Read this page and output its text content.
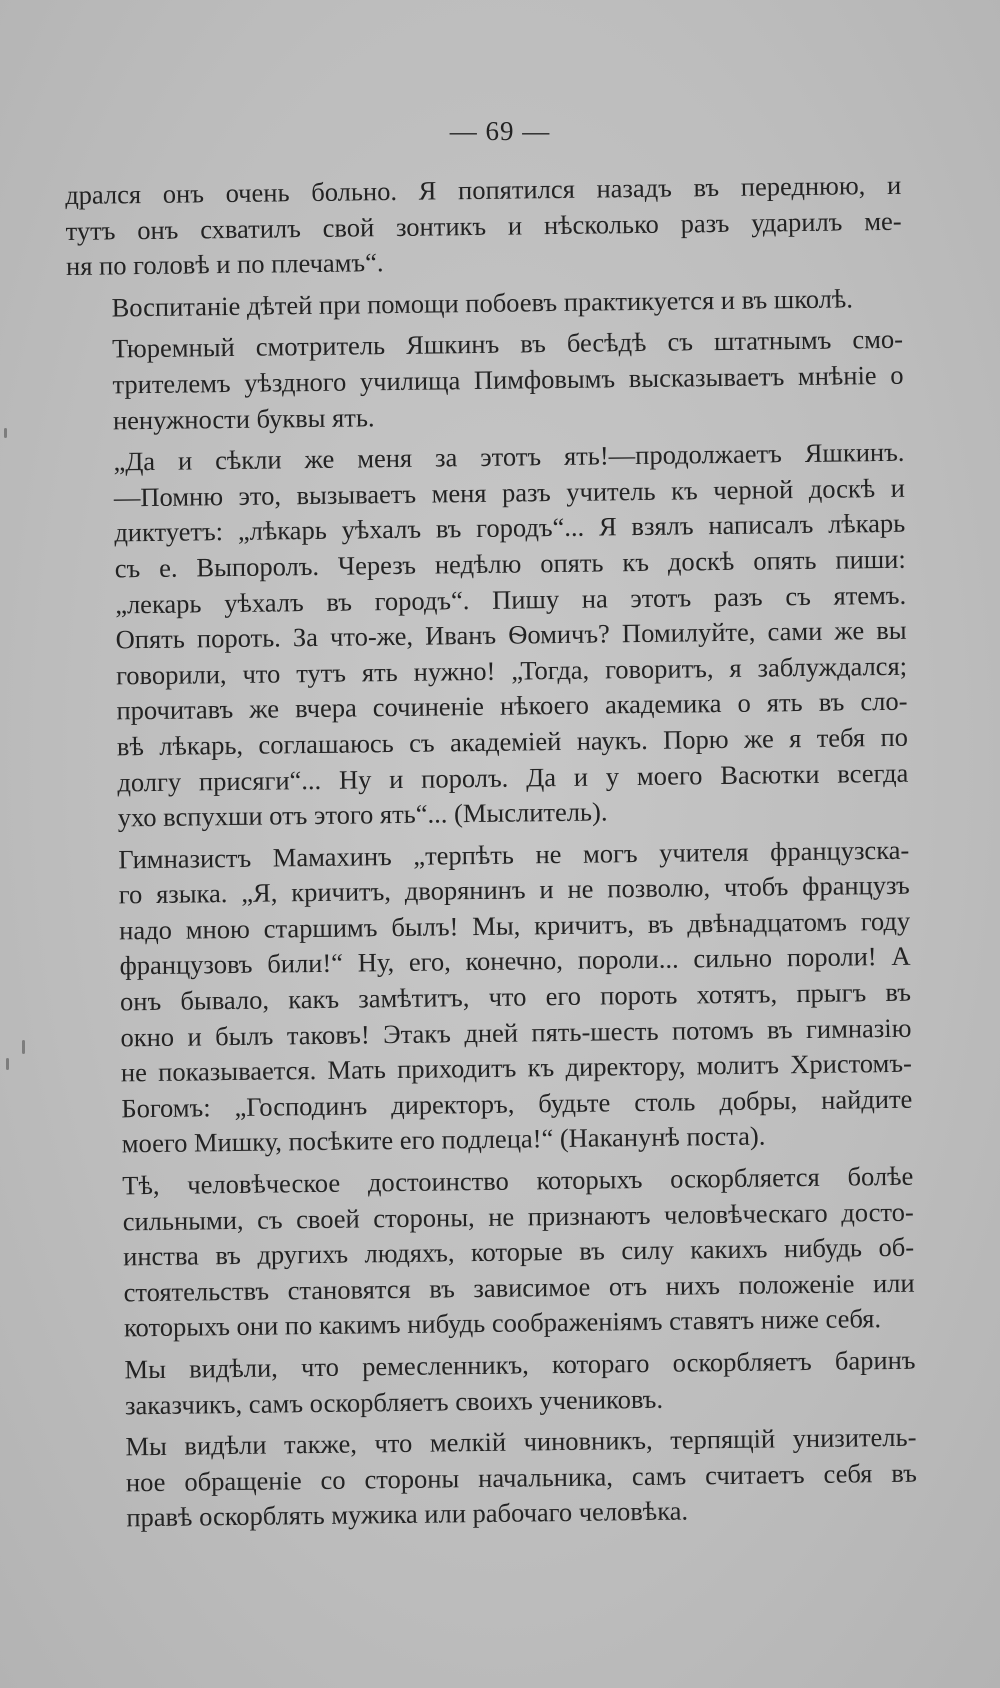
— 69 —
дрался онъ очень больно. Я попятился назадъ въ переднюю, и
тутъ онъ схватилъ свой зонтикъ и нѣсколько разъ ударилъ ме-
ня по головѣ и по плечамъ“.
Воспитаніе дѣтей при помощи побоевъ практикуется и въ школѣ.
Тюремный смотритель Яшкинъ въ бесѣдѣ съ штатнымъ смо-
трителемъ уѣздного училища Пимфовымъ высказываетъ мнѣніе о
ненужности буквы ять.
„Да и сѣкли же меня за этотъ ять!—продолжаетъ Яшкинъ.
—Помню это, вызываетъ меня разъ учитель къ черной доскѣ и
диктуетъ: „лѣкарь уѣхалъ въ городъ“... Я взялъ написалъ лѣкарь
съ е. Выпоролъ. Черезъ недѣлю опять къ доскѣ опять пиши:
„лекарь уѣхалъ въ городъ“. Пишу на этотъ разъ съ ятемъ.
Опять пороть. За что-же, Иванъ Ѳомичъ? Помилуйте, сами же вы
говорили, что тутъ ять нужно! „Тогда, говоритъ, я заблуждался;
прочитавъ же вчера сочиненіе нѣкоего академика о ять въ сло-
вѣ лѣкарь, соглашаюсь съ академіей наукъ. Порю же я тебя по
долгу присяги“... Ну и поролъ. Да и у моего Васютки всегда
ухо вспухши отъ этого ять“... (Мыслитель).
Гимназистъ Мамахинъ „терпѣть не могъ учителя французска-
го языка. „Я, кричитъ, дворянинъ и не позволю, чтобъ французъ
надо мною старшимъ былъ! Мы, кричитъ, въ двѣнадцатомъ году
французовъ били!“ Ну, его, конечно, пороли... сильно пороли! А
онъ бывало, какъ замѣтитъ, что его пороть хотятъ, прыгъ въ
окно и былъ таковъ! Этакъ дней пять-шесть потомъ въ гимназію
не показывается. Мать приходитъ къ директору, молитъ Христомъ-
Богомъ: „Господинъ директоръ, будьте столь добры, найдите
моего Мишку, посѣките его подлеца!“ (Наканунѣ поста).
Тѣ, человѣческое достоинство которыхъ оскорбляется болѣе
сильными, съ своей стороны, не признаютъ человѣческаго досто-
инства въ другихъ людяхъ, которые въ силу какихъ нибудь об-
стоятельствъ становятся въ зависимое отъ нихъ положеніе или
которыхъ они по какимъ нибудь соображеніямъ ставятъ ниже себя.
Мы видѣли, что ремесленникъ, котораго оскорбляетъ баринъ
заказчикъ, самъ оскорбляетъ своихъ учениковъ.
Мы видѣли также, что мелкій чиновникъ, терпящій унизитель-
ное обращеніе со стороны начальника, самъ считаетъ себя въ
правѣ оскорблять мужика или рабочаго человѣка.
